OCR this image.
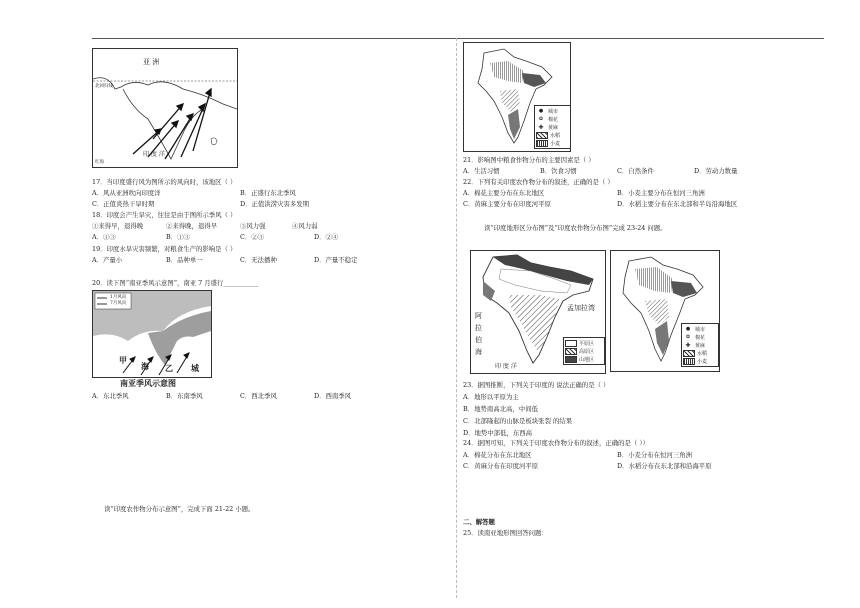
亚 洲
北回归线
印 度 洋
红海
17．当印度盛行风为图所示的风向时，该地区（ ）
A．风从亚洲吹向印度洋	B．正盛行东北季风
C．正值炎热干旱时期	D．正值洪涝灾害多发期
18．印度会产生旱灾，往往是由于图所示季风（ ）
①来得早，退得晚	②来得晚，退得早	③风力强	④风力弱
A．①③	B．①③	C．②③	D．②④
19．印度水旱灾害频繁，对粮食生产的影响是（ ）
A．产量小	B．品种单一	C．无法播种	D．产量不稳定
20．读下图“南亚季风示意图”，南亚 7 月盛行___________
1月风向
7月风向
甲
海 乙 城
南亚季风示意图
A．东北季风	B．东南季风	C．西北季风	D．西南季风
读“印度农作物分布示意图”，完成下面 21-22 小题。
● 城市
✿ 棉花
✚ 黄麻
水稻
小麦
21．影响图中粮食作物分布的主要因素是（ ）
A．生活习惯	B．饮食习惯	C．自然条件	D．劳动力数量
22．下列有关印度农作物分布的叙述，正确的是（ ）
A．棉花主要分布在东北地区	B．小麦主要分布在恒河三角洲
C．黄麻主要分布在印度河平原	D．水稻主要分布在东北部和半岛沿海地区
读“印度地形区分布图”及“印度农作物分布图”完成 23-24 问题。
阿
拉
伯
海
孟加拉湾
印 度 洋
平原区
高原区
山地区
● 城市
✿ 棉花
✚ 黄麻
水稻
小麦
23．据图推断，下列关于印度的 说法正确的是（ ）
A．地形以平原为主
B．地势南高北高，中间低
C．北部隆起的山脉是板块张裂 的结果
D．地势中部低，东西高
24．据图可知，下列关于印度农作物分布的叙述，正确的是（ ））
A．棉花分布在东北地区	B．小麦分布在恒河三角洲
C．黄麻分布在印度河平原	D．水稻分布在东北部和沿海平原
二、解答题
25．读南亚地形图回答问题：
